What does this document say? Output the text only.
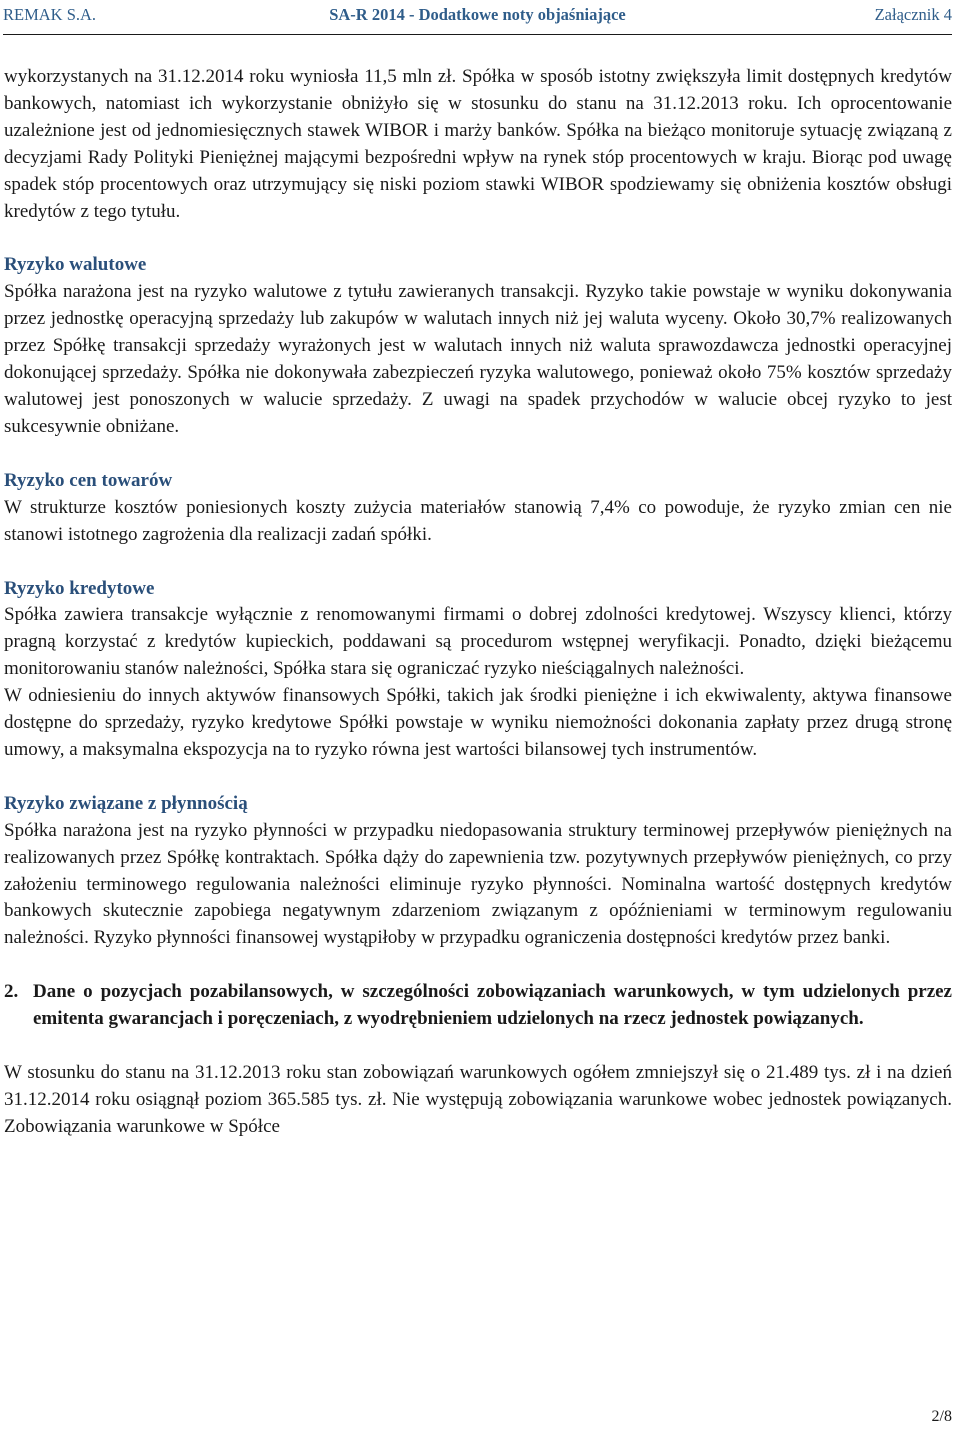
REMAK S.A.	SA-R 2014 - Dodatkowe noty objaśniające	Załącznik 4

wykorzystanych na 31.12.2014 roku wyniosła 11,5 mln zł. Spółka w sposób istotny zwiększyła limit dostępnych kredytów bankowych, natomiast ich wykorzystanie obniżyło się w stosunku do stanu na 31.12.2013 roku. Ich oprocentowanie uzależnione jest od jednomiesięcznych stawek WIBOR i marży banków. Spółka na bieżąco monitoruje sytuację związaną z decyzjami Rady Polityki Pieniężnej mającymi bezpośredni wpływ na rynek stóp procentowych w kraju. Biorąc pod uwagę spadek stóp procentowych oraz utrzymujący się niski poziom stawki WIBOR spodziewamy się obniżenia kosztów obsługi kredytów z tego tytułu.

Ryzyko walutowe

Spółka narażona jest na ryzyko walutowe z tytułu zawieranych transakcji. Ryzyko takie powstaje w wyniku dokonywania przez jednostkę operacyjną sprzedaży lub zakupów w walutach innych niż jej waluta wyceny. Około 30,7% realizowanych przez Spółkę transakcji sprzedaży wyrażonych jest w walutach innych niż waluta sprawozdawcza jednostki operacyjnej dokonującej sprzedaży. Spółka nie dokonywała zabezpieczeń ryzyka walutowego, ponieważ około 75% kosztów sprzedaży walutowej jest ponoszonych w walucie sprzedaży. Z uwagi na spadek przychodów w walucie obcej ryzyko to jest sukcesywnie obniżane.

Ryzyko cen towarów

W strukturze kosztów poniesionych koszty zużycia materiałów stanowią 7,4% co powoduje, że ryzyko zmian cen nie stanowi istotnego zagrożenia dla realizacji zadań spółki.

Ryzyko kredytowe

Spółka zawiera transakcje wyłącznie z renomowanymi firmami o dobrej zdolności kredytowej. Wszyscy klienci, którzy pragną korzystać z kredytów kupieckich, poddawani są procedurom wstępnej weryfikacji. Ponadto, dzięki bieżącemu monitorowaniu stanów należności, Spółka stara się ograniczać ryzyko nieściągalnych należności.

W odniesieniu do innych aktywów finansowych Spółki, takich jak środki pieniężne i ich ekwiwalenty, aktywa finansowe dostępne do sprzedaży, ryzyko kredytowe Spółki powstaje w wyniku niemożności dokonania zapłaty przez drugą stronę umowy, a maksymalna ekspozycja na to ryzyko równa jest wartości bilansowej tych instrumentów.

Ryzyko związane z płynnością

Spółka narażona jest na ryzyko płynności w przypadku niedopasowania struktury terminowej przepływów pieniężnych na realizowanych przez Spółkę kontraktach. Spółka dąży do zapewnienia tzw. pozytywnych przepływów pieniężnych, co przy założeniu terminowego regulowania należności eliminuje ryzyko płynności. Nominalna wartość dostępnych kredytów bankowych skutecznie zapobiega negatywnym zdarzeniom związanym z opóźnieniami w terminowym regulowaniu należności. Ryzyko płynności finansowej wystąpiłoby w przypadku ograniczenia dostępności kredytów przez banki.

2. Dane o pozycjach pozabilansowych, w szczególności zobowiązaniach warunkowych, w tym udzielonych przez emitenta gwarancjach i poręczeniach, z wyodrębnieniem udzielonych na rzecz jednostek powiązanych.

W stosunku do stanu na 31.12.2013 roku stan zobowiązań warunkowych ogółem zmniejszył się o 21.489 tys. zł i na dzień 31.12.2014 roku osiągnął poziom 365.585 tys. zł. Nie występują zobowiązania warunkowe wobec jednostek powiązanych. Zobowiązania warunkowe w Spółce

2/8
